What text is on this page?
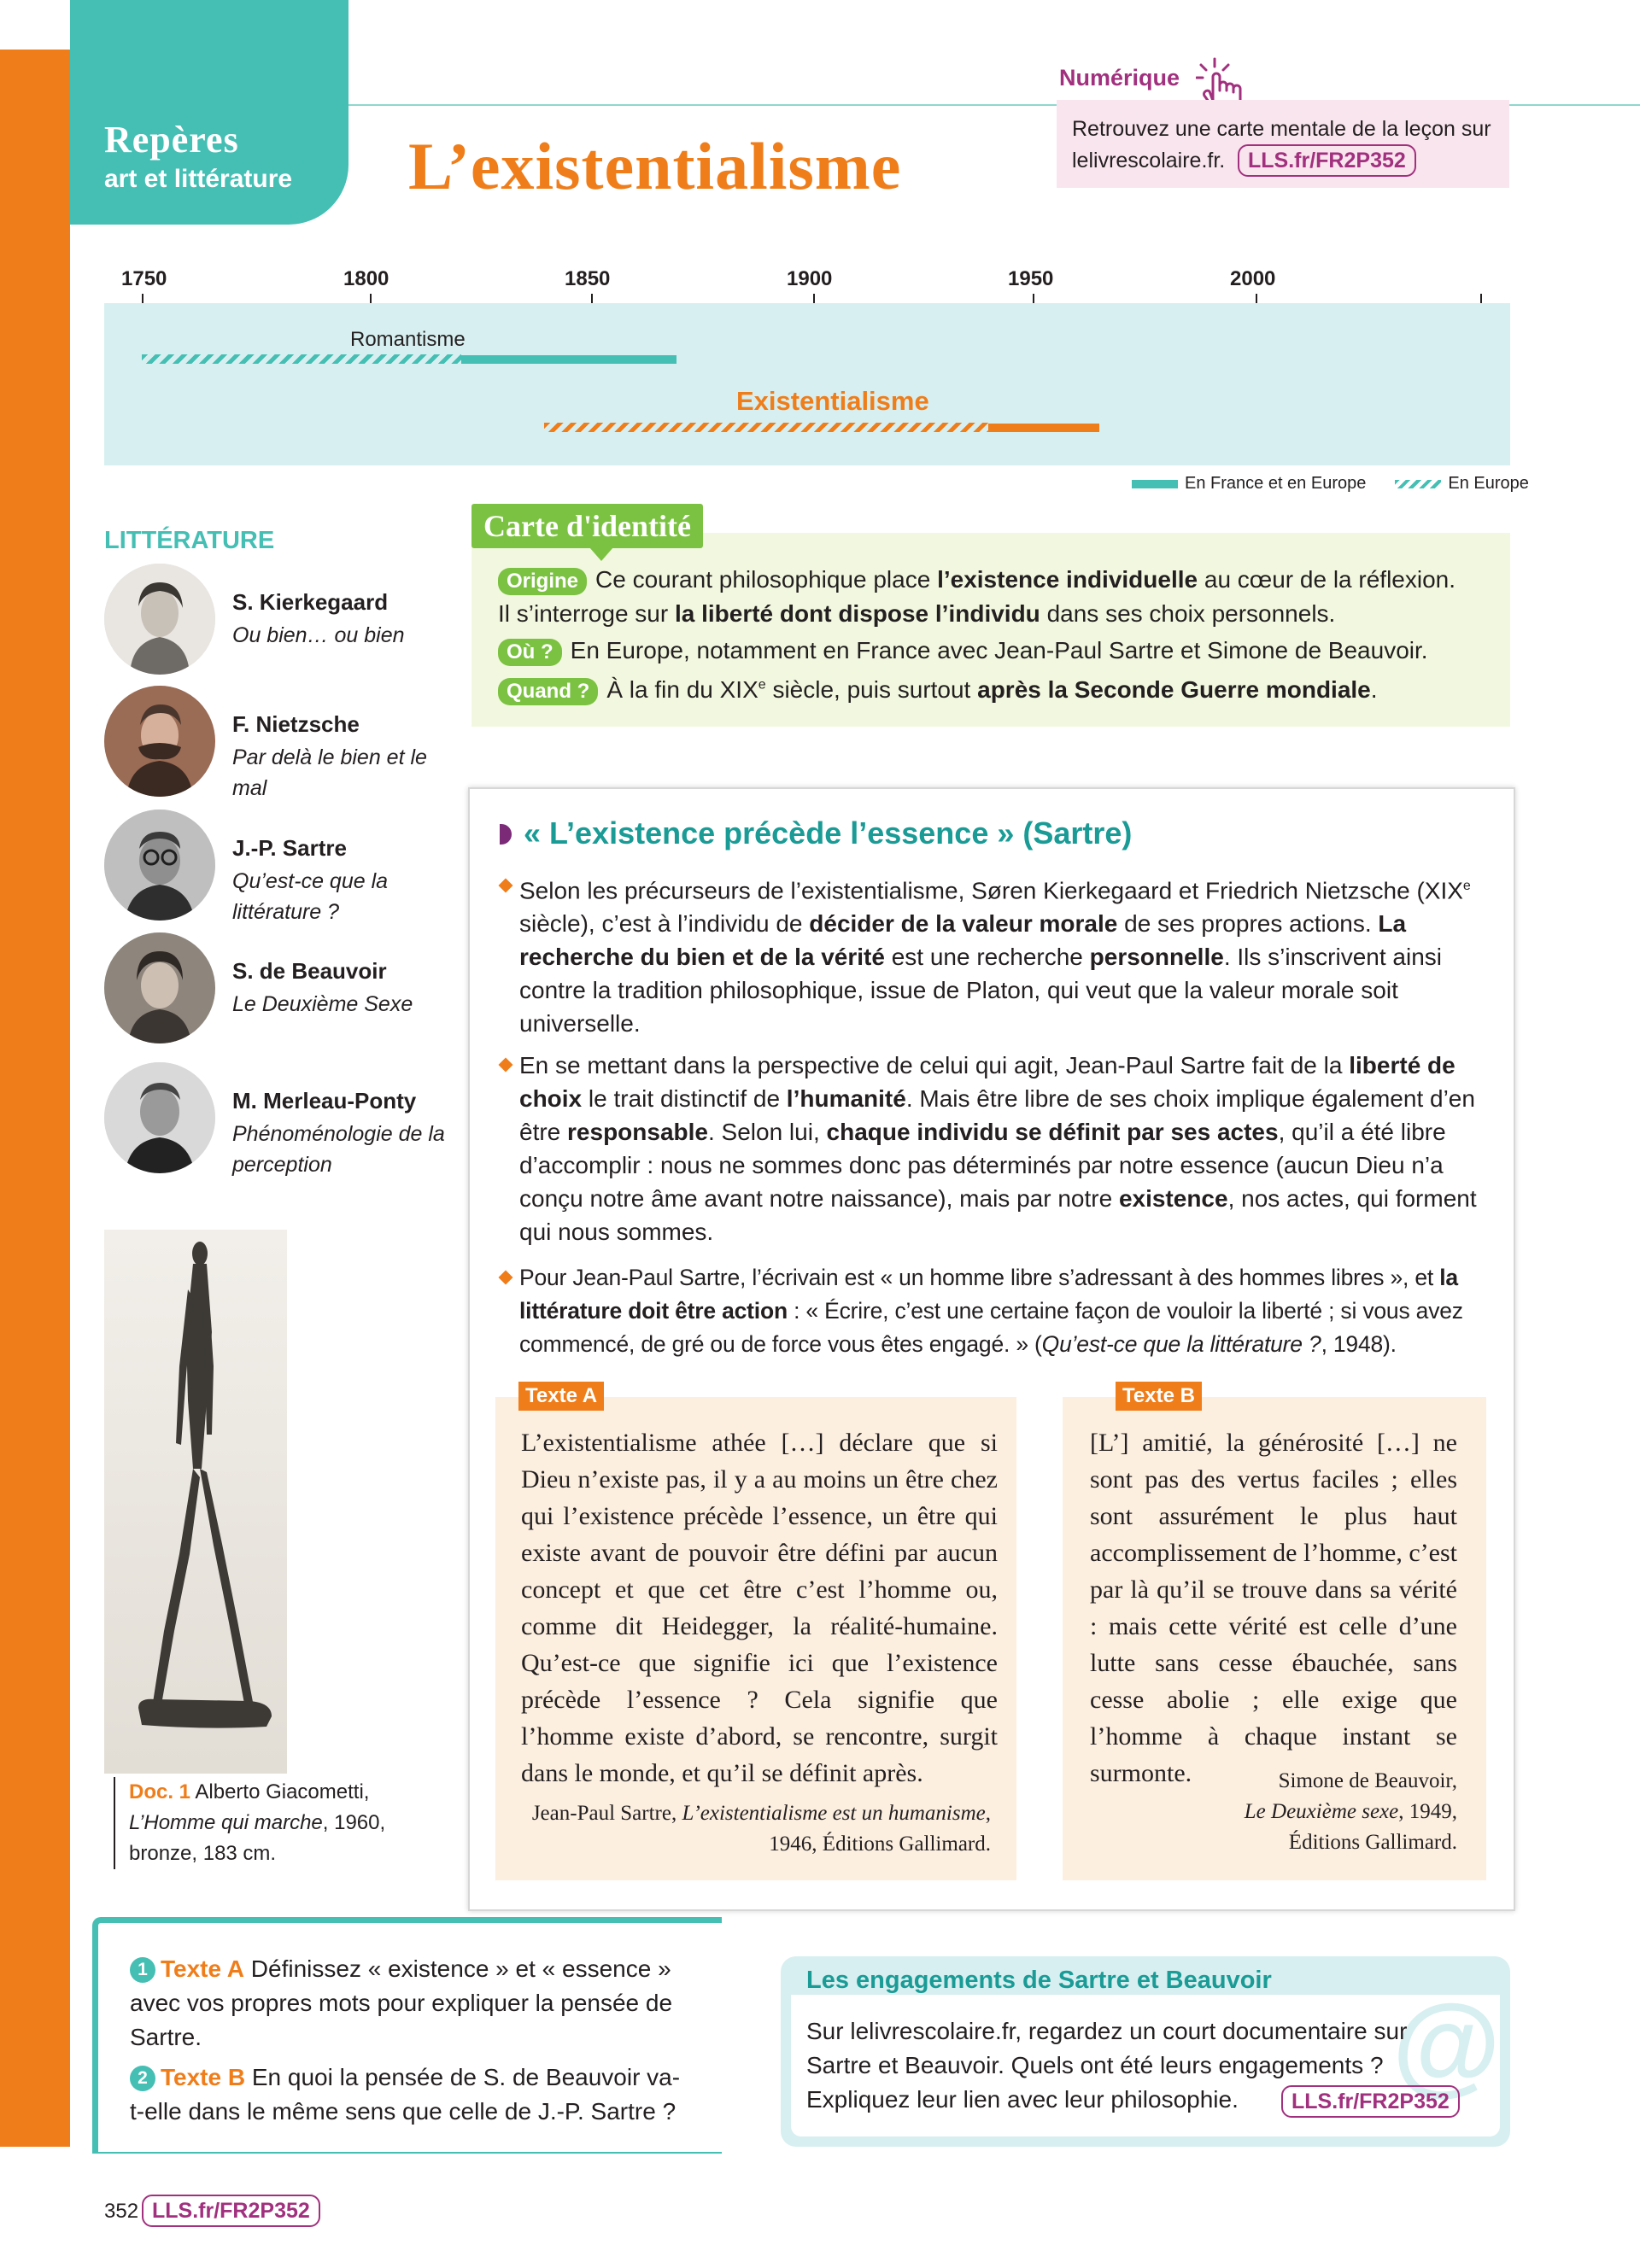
Repères
art et littérature L’existentialisme
Numérique
Retrouvez une carte mentale de la leçon sur
lelivrescolaire.fr.	LLS.fr/FR2P352
1750	1800	1850	1900	1950	2000
Romantisme
Existentialisme
En France et en Europe	En Europe
LITTÉRATURE
S. Kierkegaard
Ou bien… ou bien
F. Nietzsche
Par delà le bien et le mal
J.-P. Sartre
Qu’est-ce que la littérature ?
S. de Beauvoir
Le Deuxième Sexe
M. Merleau-Ponty
Phénoménologie de la perception
Doc. 1 Alberto Giacometti,
L’Homme qui marche, 1960,
bronze, 183 cm.
Carte d'identité
Origine Ce courant philosophique place l’existence individuelle au cœur de la réflexion.
Il s’interroge sur la liberté dont dispose l’individu dans ses choix personnels.
Où ? En Europe, notamment en France avec Jean-Paul Sartre et Simone de Beauvoir.
Quand ? À la fin du XIXe siècle, puis surtout après la Seconde Guerre mondiale.
« L’existence précède l’essence » (Sartre)
Selon les précurseurs de l’existentialisme, Søren Kierkegaard et Friedrich Nietzsche (XIXe siècle), c’est à l’individu de décider de la valeur morale de ses propres actions. La recherche du bien et de la vérité est une recherche personnelle. Ils s’inscrivent ainsi contre la tradition philosophique, issue de Platon, qui veut que la valeur morale soit universelle.
En se mettant dans la perspective de celui qui agit, Jean-Paul Sartre fait de la liberté de choix le trait distinctif de l’humanité. Mais être libre de ses choix implique également d’en être responsable. Selon lui, chaque individu se définit par ses actes, qu’il a été libre d’accomplir : nous ne sommes donc pas déterminés par notre essence (aucun Dieu n’a conçu notre âme avant notre naissance), mais par notre existence, nos actes, qui forment qui nous sommes.
Pour Jean-Paul Sartre, l’écrivain est « un homme libre s’adressant à des hommes libres », et la littérature doit être action : « Écrire, c’est une certaine façon de vouloir la liberté ; si vous avez commencé, de gré ou de force vous êtes engagé. » (Qu’est-ce que la littérature ?, 1948).
Texte A
L’existentialisme athée […] déclare que si Dieu n’existe pas, il y a au moins un être chez qui l’existence précède l’essence, un être qui existe avant de pouvoir être défini par aucun concept et que cet être c’est l’homme ou, comme dit Heidegger, la réalité-humaine. Qu’est-ce que signifie ici que l’existence précède l’essence ? Cela signifie que l’homme existe d’abord, se rencontre, surgit dans le monde, et qu’il se définit après.
Jean-Paul Sartre, L’existentialisme est un humanisme, 1946, Éditions Gallimard.
Texte B
[L’] amitié, la générosité […] ne sont pas des vertus faciles ; elles sont assurément le plus haut accomplissement de l’homme, c’est par là qu’il se trouve dans sa vérité : mais cette vérité est celle d’une lutte sans cesse ébauchée, sans cesse abolie ; elle exige que l’homme à chaque instant se surmonte.	Simone de Beauvoir,
Le Deuxième sexe, 1949,
Éditions Gallimard.
1 Texte A Définissez « existence » et « essence » avec vos propres mots pour expliquer la pensée de Sartre.
2 Texte B En quoi la pensée de S. de Beauvoir va-t-elle dans le même sens que celle de J.-P. Sartre ?
Les engagements de Sartre et Beauvoir
@
Sur lelivrescolaire.fr, regardez un court documentaire sur
Sartre et Beauvoir. Quels ont été leurs engagements ?
Expliquez leur lien avec leur philosophie.	LLS.fr/FR2P352
352 LLS.fr/FR2P352
